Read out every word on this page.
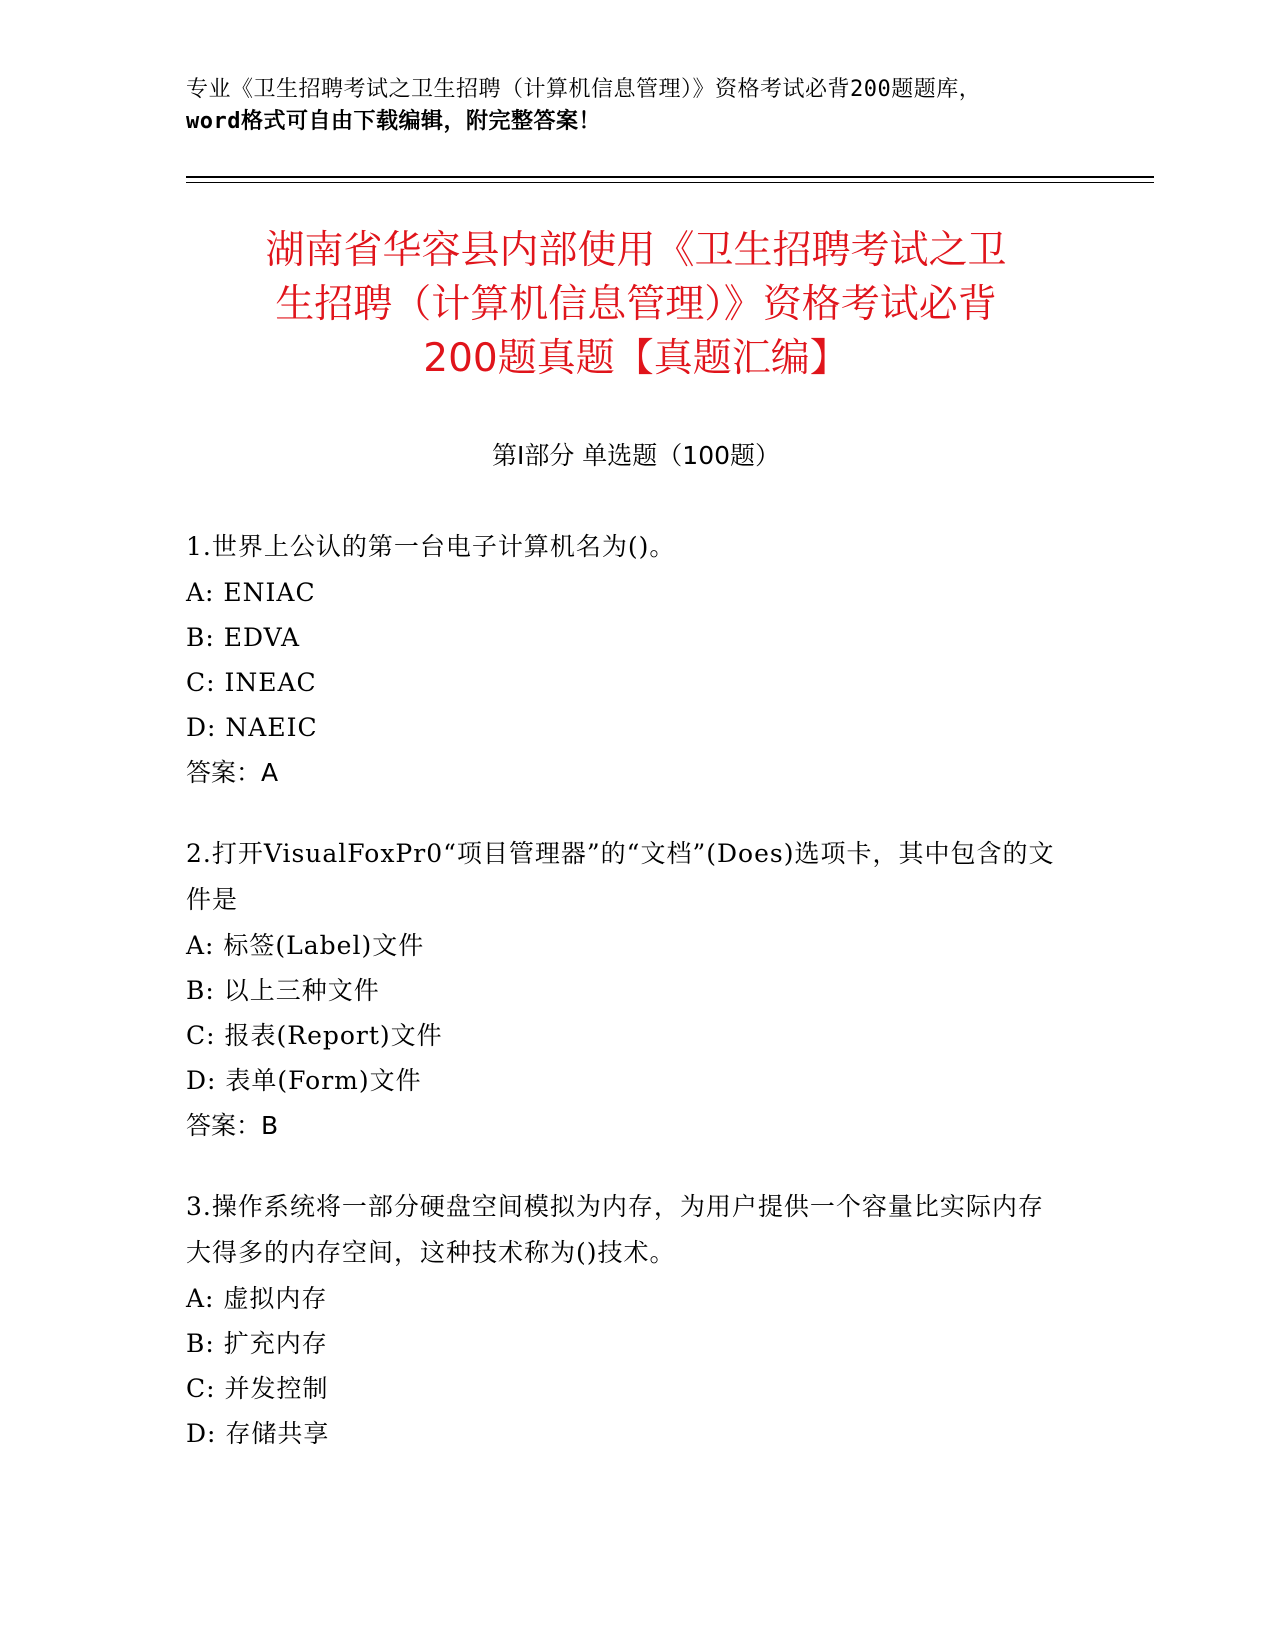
专业《卫生招聘考试之卫生招聘（计算机信息管理）》资格考试必背200题题库，
word格式可自由下载编辑，附完整答案！
湖南省华容县内部使用《卫生招聘考试之卫
生招聘（计算机信息管理）》资格考试必背
200题真题【真题汇编】
第Ⅰ部分 单选题（100题）
1.世界上公认的第一台电子计算机名为()。
A: ENIAC
B: EDVA
C: INEAC
D: NAEIC
答案：A
2.打开VisualFoxPr0“项目管理器”的“文档”(Does)选项卡，其中包含的文件是
A: 标签(Label)文件
B: 以上三种文件
C: 报表(Report)文件
D: 表单(Form)文件
答案：B
3.操作系统将一部分硬盘空间模拟为内存，为用户提供一个容量比实际内存大得多的内存空间，这种技术称为()技术。
A: 虚拟内存
B: 扩充内存
C: 并发控制
D: 存储共享
